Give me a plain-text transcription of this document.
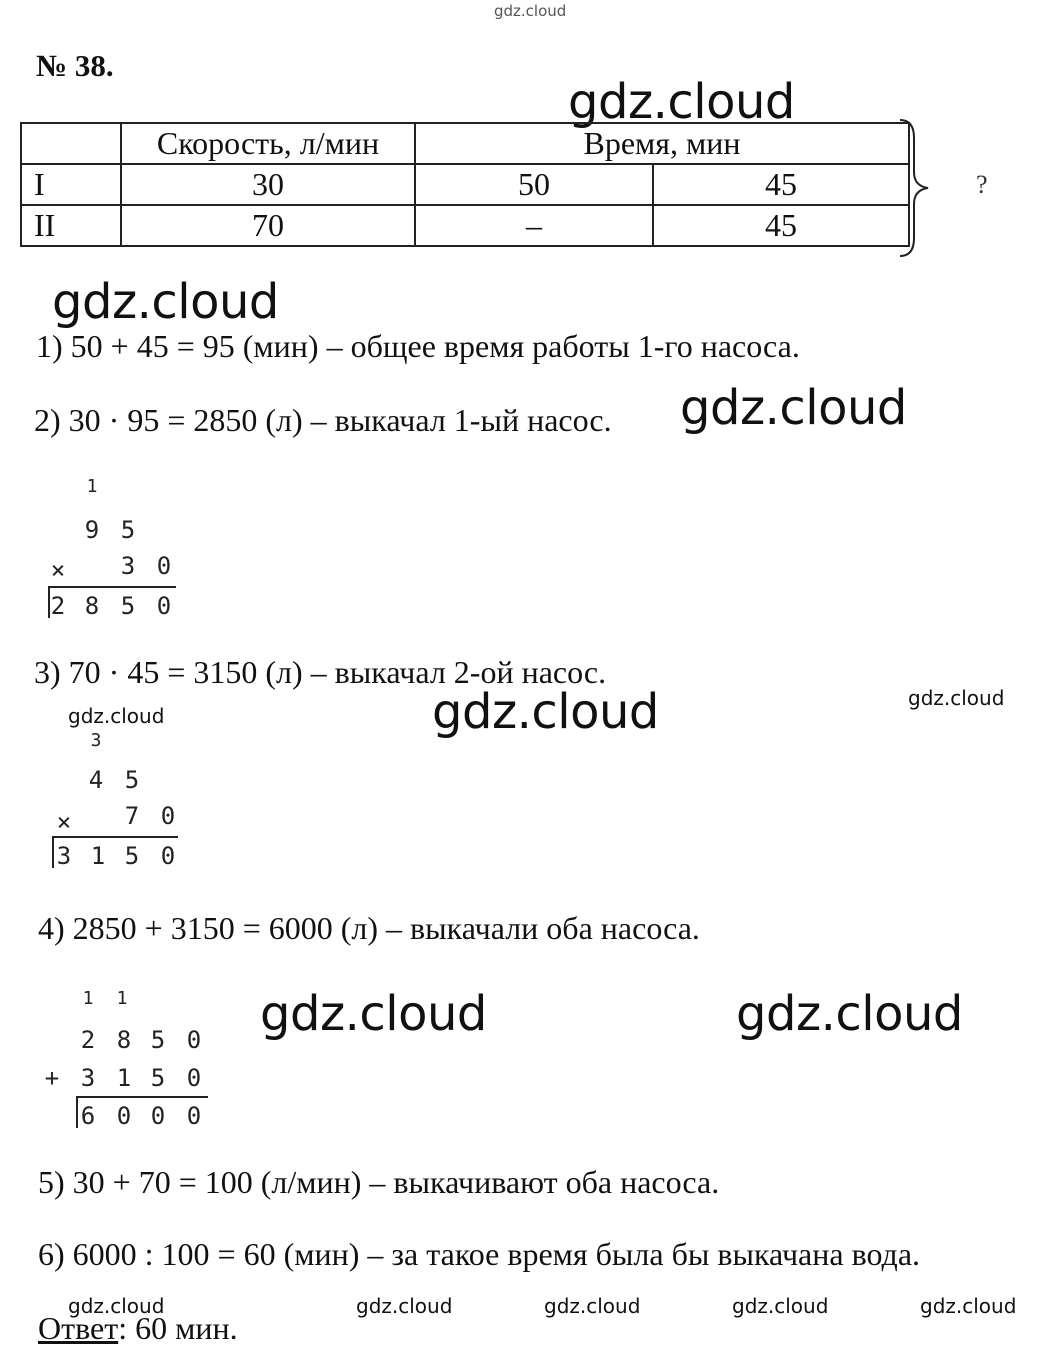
gdz.cloud
gdz.cloud
gdz.cloud
gdz.cloud
gdz.cloud
gdz.cloud	gdz.cloud
gdz.cloud	gdz.cloud
gdz.cloud	gdz.cloud	gdz.cloud	gdz.cloud	gdz.cloud
№ 38.
	Скорость, л/мин	Время, мин	
I	30	50	45
II	70	–	45
?
1) 50 + 45 = 95 (мин) – общее время работы 1-го насоса.
2) 30 · 95 = 2850 (л) – выкачал 1-ый насос.
1
9 5
× 3 0
2 8 5 0
3) 70 · 45 = 3150 (л) – выкачал 2-ой насос.
3
4 5
× 7 0
3 1 5 0
4) 2850 + 3150 = 6000 (л) – выкачали оба насоса.
1 1
2 8 5 0
+ 3 1 5 0
6 0 0 0
5) 30 + 70 = 100 (л/мин) – выкачивают оба насоса.
6) 6000 : 100 = 60 (мин) – за такое время была бы выкачана вода.
Ответ: 60 мин.
